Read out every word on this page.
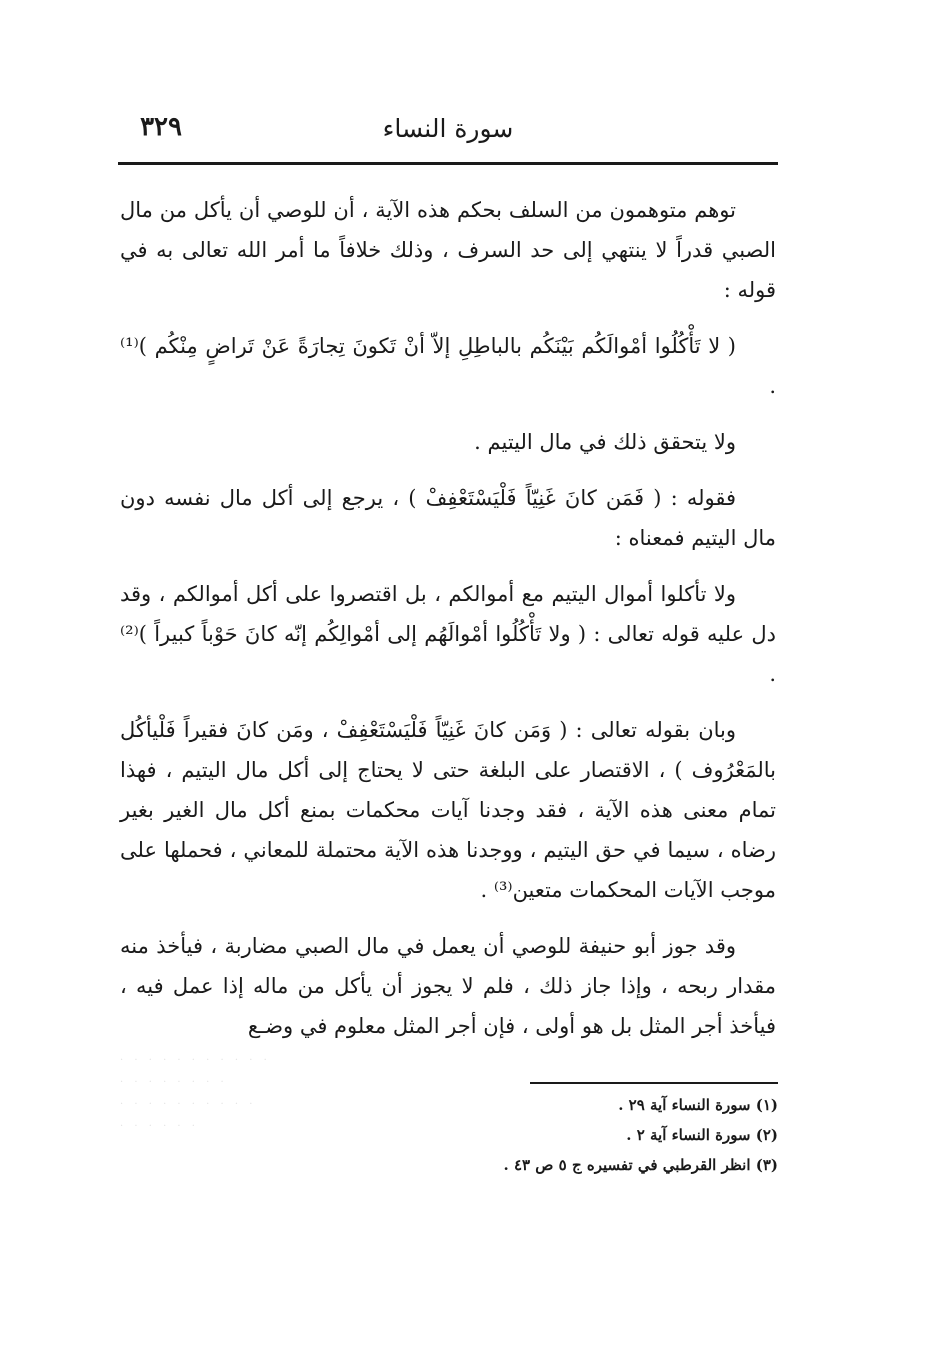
٣٢٩	سورة النساء

توهم متوهمون من السلف بحكم هذه الآية ، أن للوصي أن يأكل من مال الصبي قدراً لا ينتهي إلى حد السرف ، وذلك خلافاً ما أمر الله تعالى به في قوله :

( لا تَأْكُلُوا أمْوالَكُم بَيْنَكُم بالباطِلِ إلاّ أنْ تَكونَ تِجارَةً عَنْ تَراضٍ مِنْكُم )⁽¹⁾ .

ولا يتحقق ذلك في مال اليتيم .

فقوله : ( فَمَن كانَ غَنِيّاً فَلْيَسْتَعْفِفْ ) ، يرجع إلى أكل مال نفسه دون مال اليتيم فمعناه :

ولا تأكلوا أموال اليتيم مع أموالكم ، بل اقتصروا على أكل أموالكم ، وقد دل عليه قوله تعالى : ( ولا تَأْكُلُوا أمْوالَهُم إلى أمْوالِكُم إنّه كانَ حَوْباً كبيراً )⁽²⁾ .

وبان بقوله تعالى : ( وَمَن كانَ غَنِيّاً فَلْيَسْتَعْفِفْ ، ومَن كانَ فقيراً فَلْيأكُل بالمَعْرُوف ) ، الاقتصار على البلغة حتى لا يحتاج إلى أكل مال اليتيم ، فهذا تمام معنى هذه الآية ، فقد وجدنا آيات محكمات بمنع أكل مال الغير بغير رضاه ، سيما في حق اليتيم ، ووجدنا هذه الآية محتملة للمعاني ، فحملها على موجب الآيات المحكمات متعين⁽³⁾ .

وقد جوز أبو حنيفة للوصي أن يعمل في مال الصبي مضاربة ، فيأخذ منه مقدار ربحه ، وإذا جاز ذلك ، فلم لا يجوز أن يأكل من ماله إذا عمل فيه ، فيأخذ أجر المثل بل هو أولى ، فإن أجر المثل معلوم في وضـع

· · · · · · · · · · ·
· · · · · · · ·
· · · · · · · · · ·
· · · · · ·
(١) سورة النساء آية ٢٩ .
(٢) سورة النساء آية ٢ .
(٣) انظر القرطبي في تفسيره ج ٥ ص ٤٣ .
